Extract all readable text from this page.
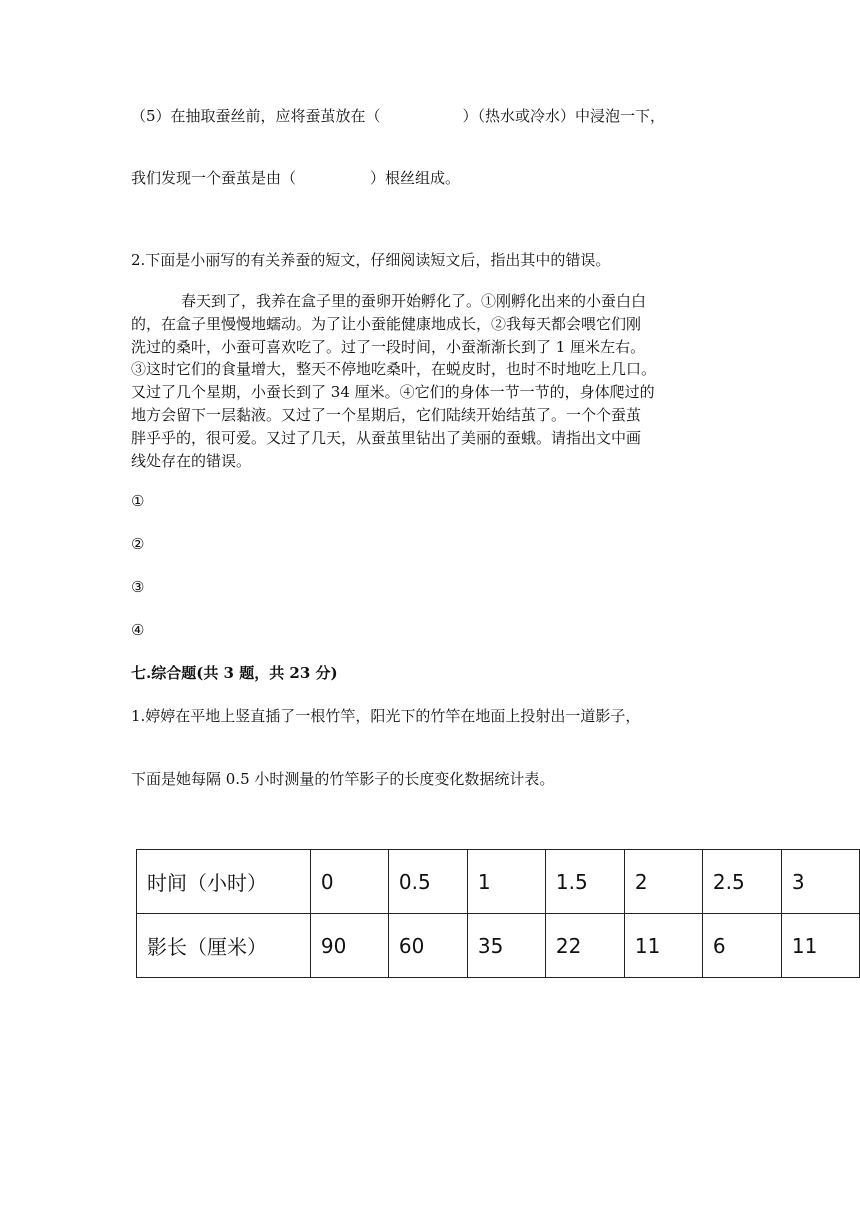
（5）在抽取蚕丝前，应将蚕茧放在（	）（热水或冷水）中浸泡一下，
我们发现一个蚕茧是由（	）根丝组成。
2.下面是小丽写的有关养蚕的短文，仔细阅读短文后，指出其中的错误。

春天到了，我养在盒子里的蚕卵开始孵化了。①刚孵化出来的小蚕白白

的，在盒子里慢慢地蠕动。为了让小蚕能健康地成长，②我每天都会喂它们刚

洗过的桑叶，小蚕可喜欢吃了。过了一段时间，小蚕渐渐长到了 1 厘米左右。

③这时它们的食量增大，整天不停地吃桑叶，在蜕皮时，也时不时地吃上几口。

又过了几个星期，小蚕长到了 34 厘米。④它们的身体一节一节的，身体爬过的

地方会留下一层黏液。又过了一个星期后，它们陆续开始结茧了。一个个蚕茧

胖乎乎的，很可爱。又过了几天，从蚕茧里钻出了美丽的蚕蛾。请指出文中画

线处存在的错误。

①
②
③
④
七.综合题(共 3 题，共 23 分)
1.婷婷在平地上竖直插了一根竹竿，阳光下的竹竿在地面上投射出一道影子，
下面是她每隔 0.5 小时测量的竹竿影子的长度变化数据统计表。
时间（小时）	0	0.5	1	1.5	2	2.5	3
影长（厘米）	90	60	35	22	11	6	11
